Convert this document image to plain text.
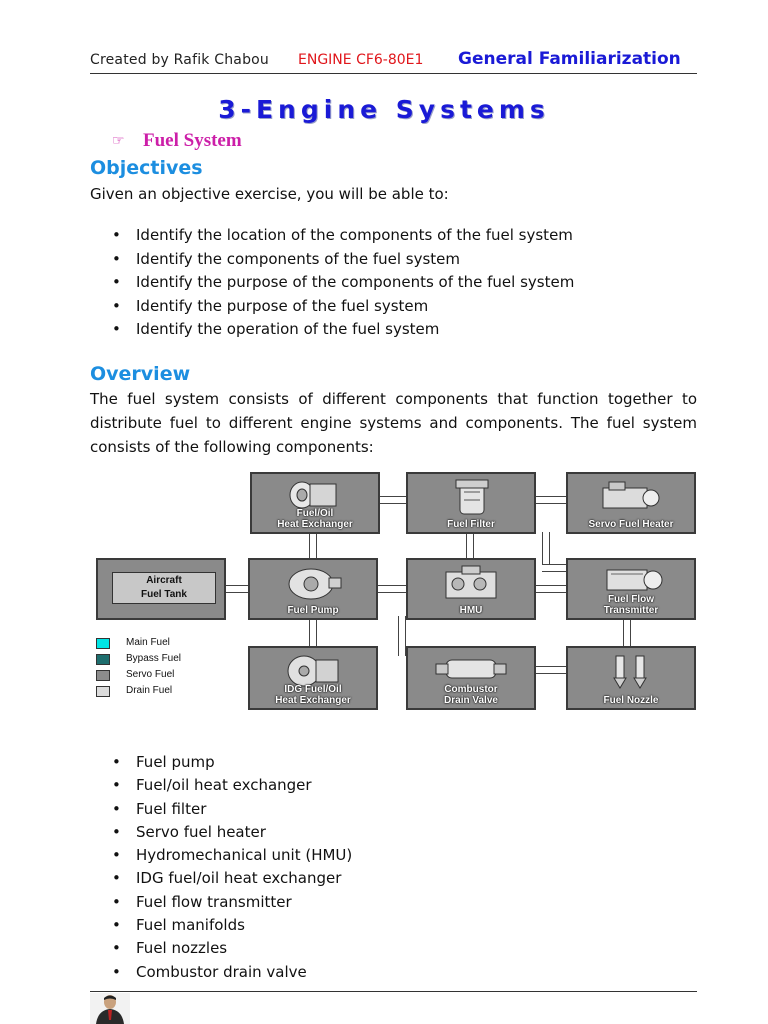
Created by Rafik Chabou ENGINE CF6-80E1 General Familiarization
3-Engine Systems
☞ Fuel System
Objectives
Given an objective exercise, you will be able to:
• Identify the location of the components of the fuel system
• Identify the components of the fuel system
• Identify the purpose of the components of the fuel system
• Identify the purpose of the fuel system
• Identify the operation of the fuel system
Overview
The fuel system consists of different components that function together to distribute fuel to different engine systems and components. The fuel system consists of the following components:
Fuel/Oil
Heat Exchanger	Fuel Filter	Servo Fuel Heater
Aircraft
Fuel Tank
Fuel Pump	HMU
Fuel Flow
Transmitter
IDG Fuel/Oil
Heat Exchanger
Combustor
Drain Valve	Fuel Nozzle
Main Fuel
Bypass Fuel
Servo Fuel
Drain Fuel
• Fuel pump
• Fuel/oil heat exchanger
• Fuel filter
• Servo fuel heater
• Hydromechanical unit (HMU)
• IDG fuel/oil heat exchanger
• Fuel flow transmitter
• Fuel manifolds
• Fuel nozzles
• Combustor drain valve
